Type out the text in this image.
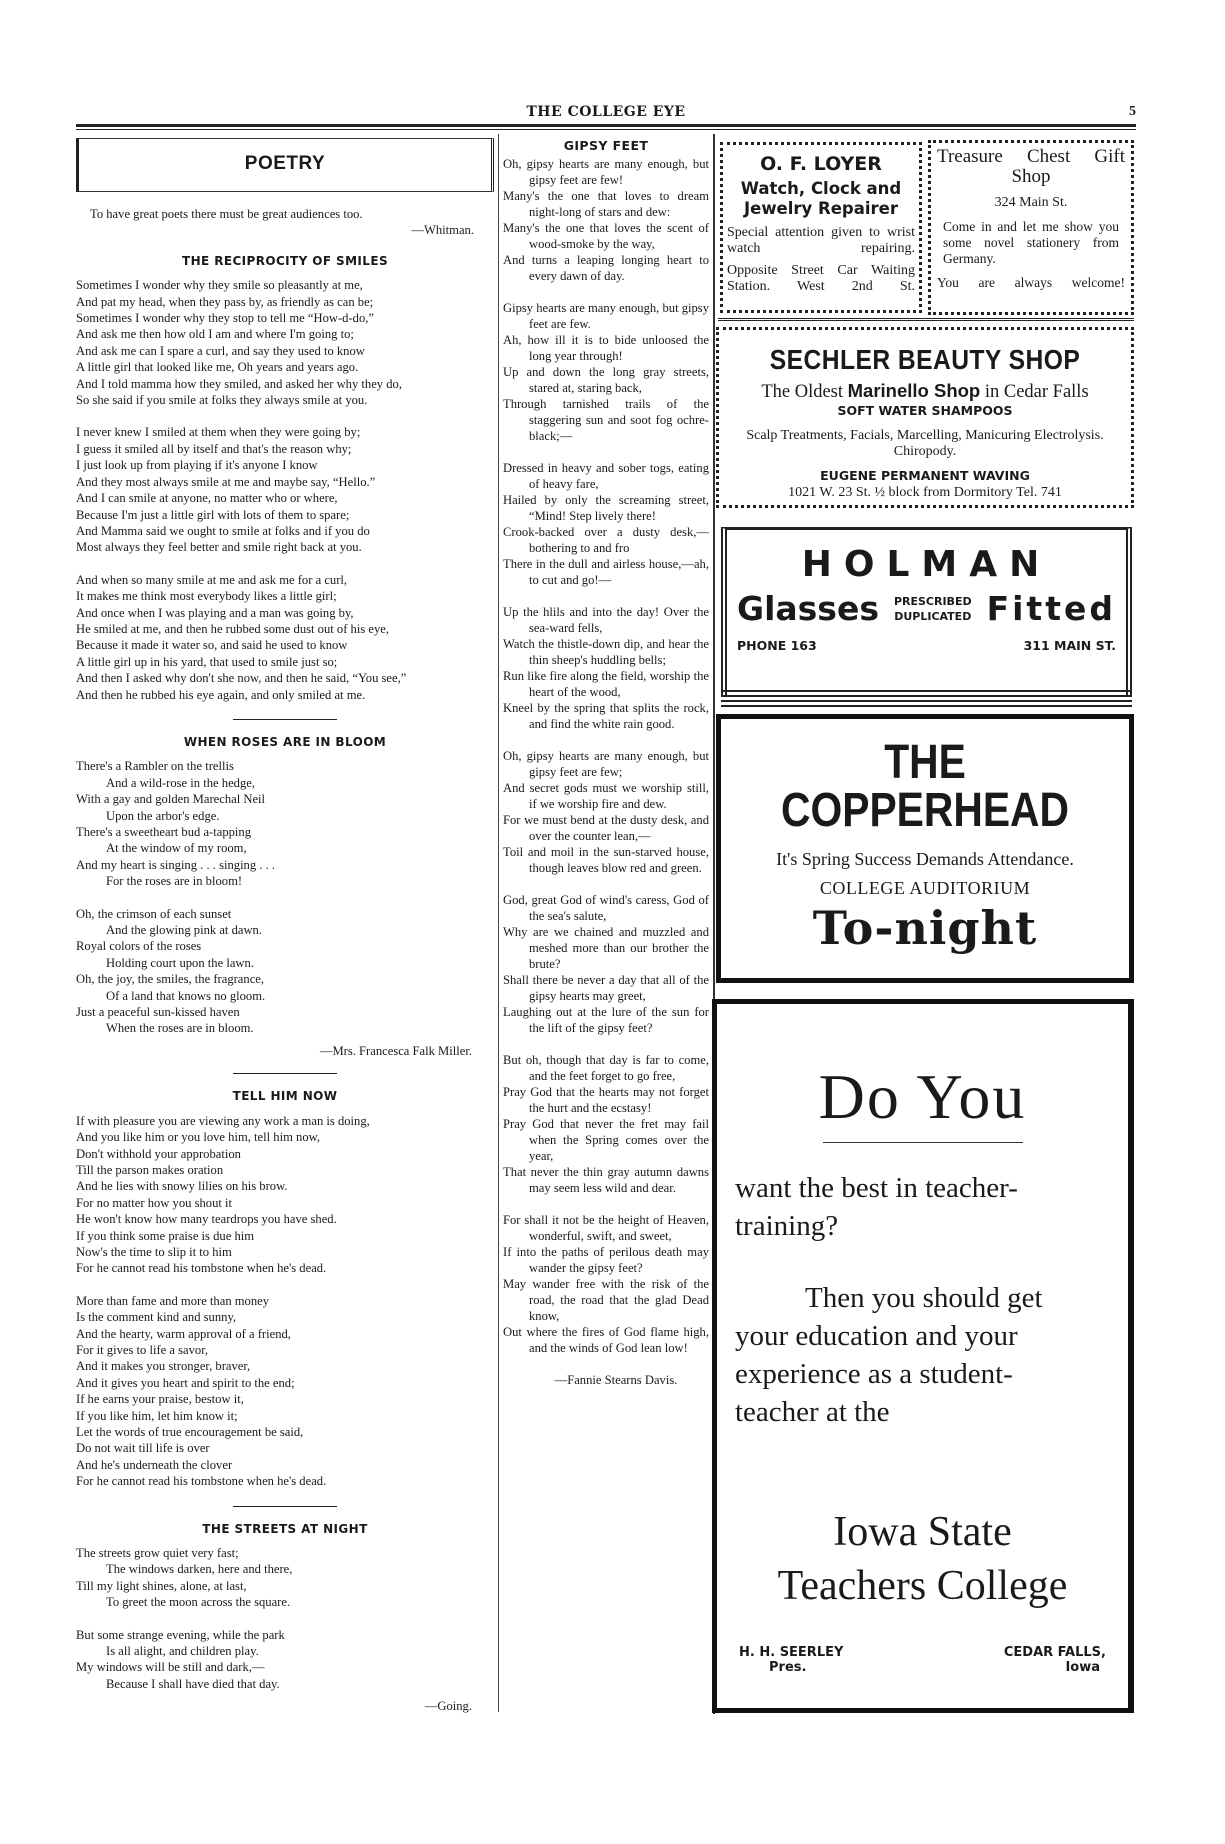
THE COLLEGE EYE	5
POETRY
To have great poets there must be great audiences too.
—Whitman.
THE RECIPROCITY OF SMILES
Sometimes I wonder why they smile so pleasantly at me,
And pat my head, when they pass by, as friendly as can be;
Sometimes I wonder why they stop to tell me “How-d-do,”
And ask me then how old I am and where I'm going to;
And ask me can I spare a curl, and say they used to know
A little girl that looked like me, Oh years and years ago.
And I told mamma how they smiled, and asked her why they do,
So she said if you smile at folks they always smile at you.
I never knew I smiled at them when they were going by;
I guess it smiled all by itself and that's the reason why;
I just look up from playing if it's anyone I know
And they most always smile at me and maybe say, “Hello.”
And I can smile at anyone, no matter who or where,
Because I'm just a little girl with lots of them to spare;
And Mamma said we ought to smile at folks and if you do
Most always they feel better and smile right back at you.
And when so many smile at me and ask me for a curl,
It makes me think most everybody likes a little girl;
And once when I was playing and a man was going by,
He smiled at me, and then he rubbed some dust out of his eye,
Because it made it water so, and said he used to know
A little girl up in his yard, that used to smile just so;
And then I asked why don't she now, and then he said, “You see,”
And then he rubbed his eye again, and only smiled at me.
WHEN ROSES ARE IN BLOOM
There's a Rambler on the trellis
And a wild-rose in the hedge,
With a gay and golden Marechal Neil
Upon the arbor's edge.
There's a sweetheart bud a-tapping
At the window of my room,
And my heart is singing . . . singing . . .
For the roses are in bloom!
Oh, the crimson of each sunset
And the glowing pink at dawn.
Royal colors of the roses
Holding court upon the lawn.
Oh, the joy, the smiles, the fragrance,
Of a land that knows no gloom.
Just a peaceful sun-kissed haven
When the roses are in bloom.
—Mrs. Francesca Falk Miller.
TELL HIM NOW
If with pleasure you are viewing any work a man is doing,
And you like him or you love him, tell him now,
Don't withhold your approbation
Till the parson makes oration
And he lies with snowy lilies on his brow.
For no matter how you shout it
He won't know how many teardrops you have shed.
If you think some praise is due him
Now's the time to slip it to him
For he cannot read his tombstone when he's dead.
More than fame and more than money
Is the comment kind and sunny,
And the hearty, warm approval of a friend,
For it gives to life a savor,
And it makes you stronger, braver,
And it gives you heart and spirit to the end;
If he earns your praise, bestow it,
If you like him, let him know it;
Let the words of true encouragement be said,
Do not wait till life is over
And he's underneath the clover
For he cannot read his tombstone when he's dead.
THE STREETS AT NIGHT
The streets grow quiet very fast;
The windows darken, here and there,
Till my light shines, alone, at last,
To greet the moon across the square.
But some strange evening, while the park
Is all alight, and children play.
My windows will be still and dark,—
Because I shall have died that day.
—Going.
GIPSY FEET
Oh, gipsy hearts are many enough, but gipsy feet are few!
Many's the one that loves to dream night-long of stars and dew:
Many's the one that loves the scent of wood-smoke by the way,
And turns a leaping longing heart to every dawn of day.
Gipsy hearts are many enough, but gipsy feet are few.
Ah, how ill it is to bide unloosed the long year through!
Up and down the long gray streets, stared at, staring back,
Through tarnished trails of the staggering sun and soot fog ochre-black;—
Dressed in heavy and sober togs, eating of heavy fare,
Hailed by only the screaming street, “Mind! Step lively there!
Crook-backed over a dusty desk,—bothering to and fro
There in the dull and airless house,—ah, to cut and go!—
Up the hlils and into the day! Over the sea-ward fells,
Watch the thistle-down dip, and hear the thin sheep's huddling bells;
Run like fire along the field, worship the heart of the wood,
Kneel by the spring that splits the rock, and find the white rain good.
Oh, gipsy hearts are many enough, but gipsy feet are few;
And secret gods must we worship still, if we worship fire and dew.
For we must bend at the dusty desk, and over the counter lean,—
Toil and moil in the sun-starved house, though leaves blow red and green.
God, great God of wind's caress, God of the sea's salute,
Why are we chained and muzzled and meshed more than our brother the brute?
Shall there be never a day that all of the gipsy hearts may greet,
Laughing out at the lure of the sun for the lift of the gipsy feet?
But oh, though that day is far to come, and the feet forget to go free,
Pray God that the hearts may not forget the hurt and the ecstasy!
Pray God that never the fret may fail when the Spring comes over the year,
That never the thin gray autumn dawns may seem less wild and dear.
For shall it not be the height of Heaven, wonderful, swift, and sweet,
If into the paths of perilous death may wander the gipsy feet?
May wander free with the risk of the road, the road that the glad Dead know,
Out where the fires of God flame high, and the winds of God lean low!
—Fannie Stearns Davis.
O. F. LOYER
Watch, Clock and Jewelry Repairer
Special attention given to wrist watch repairing.
Opposite Street Car Waiting Station. West 2nd St.
Treasure Chest Gift Shop
324 Main St.
Come in and let me show you some novel stationery from Germany.
You are always welcome!
SECHLER BEAUTY SHOP
The Oldest Marinello Shop in Cedar Falls
SOFT WATER SHAMPOOS
Scalp Treatments, Facials, Marcelling, Manicuring Electrolysis. Chiropody.
EUGENE PERMANENT WAVING
1021 W. 23 St. ½ block from Dormitory Tel. 741
HOLMAN
Glasses PRESCRIBED
DUPLICATED Fitted
PHONE 163	311 MAIN ST.
THE
COPPERHEAD
It's Spring Success Demands Attendance.
COLLEGE AUDITORIUM
To-night
Do You
want the best in teacher-
training?
Then you should get
your education and your
experience as a student-
teacher at the
Iowa State
Teachers College
H. H. SEERLEY
Pres.
CEDAR FALLS,
Iowa
